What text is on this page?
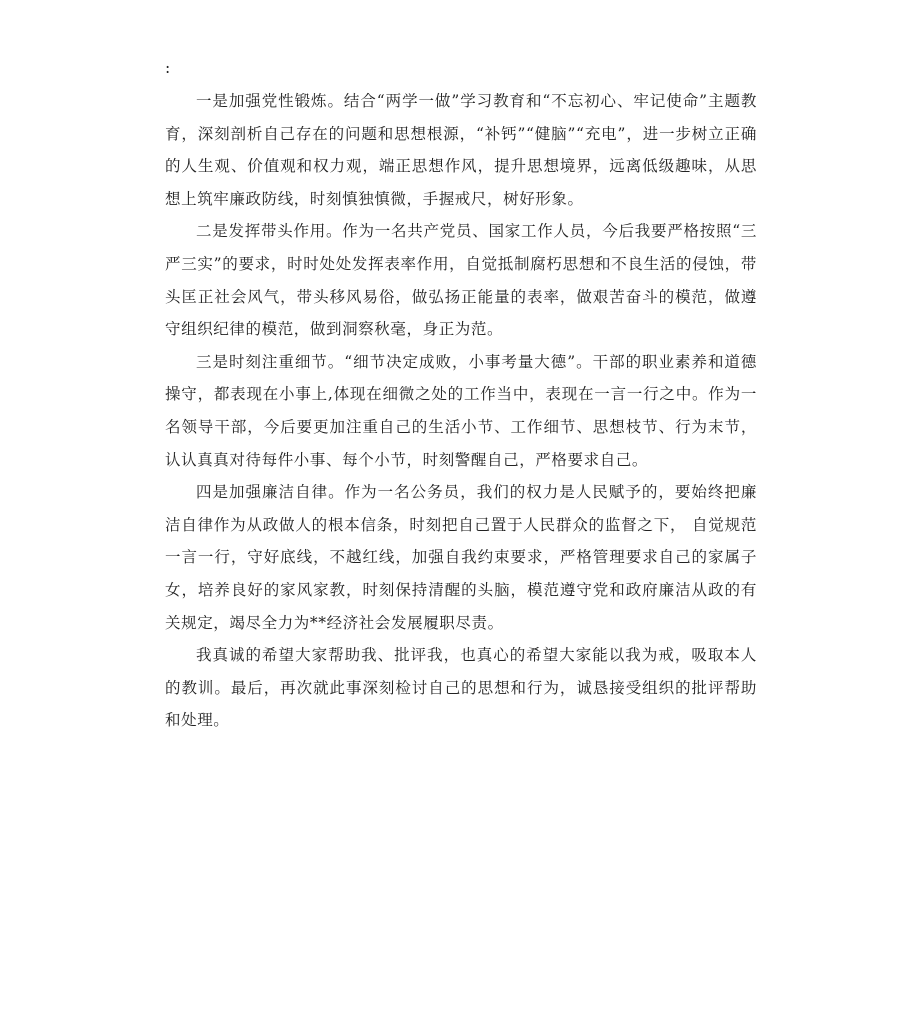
:

一是加强党性锻炼。结合“两学一做”学习教育和“不忘初心、牢记使命”主题教育，深刻剖析自己存在的问题和思想根源，“补钙”“健脑”“充电”，进一步树立正确的人生观、价值观和权力观，端正思想作风，提升思想境界，远离低级趣味，从思想上筑牢廉政防线，时刻慎独慎微，手握戒尺，树好形象。

二是发挥带头作用。作为一名共产党员、国家工作人员，今后我要严格按照“三严三实”的要求，时时处处发挥表率作用，自觉抵制腐朽思想和不良生活的侵蚀，带头匡正社会风气，带头移风易俗，做弘扬正能量的表率，做艰苦奋斗的模范，做遵守组织纪律的模范，做到洞察秋毫，身正为范。

三是时刻注重细节。“细节决定成败，小事考量大德”。干部的职业素养和道德操守，都表现在小事上,体现在细微之处的工作当中，表现在一言一行之中。作为一名领导干部，今后要更加注重自己的生活小节、工作细节、思想枝节、行为末节，认认真真对待每件小事、每个小节，时刻警醒自己，严格要求自己。

四是加强廉洁自律。作为一名公务员，我们的权力是人民赋予的，要始终把廉洁自律作为从政做人的根本信条，时刻把自己置于人民群众的监督之下， 自觉规范一言一行，守好底线，不越红线，加强自我约束要求，严格管理要求自己的家属子女，培养良好的家风家教，时刻保持清醒的头脑，模范遵守党和政府廉洁从政的有关规定，竭尽全力为**经济社会发展履职尽责。

我真诚的希望大家帮助我、批评我，也真心的希望大家能以我为戒，吸取本人的教训。最后，再次就此事深刻检讨自己的思想和行为，诚恳接受组织的批评帮助和处理。
